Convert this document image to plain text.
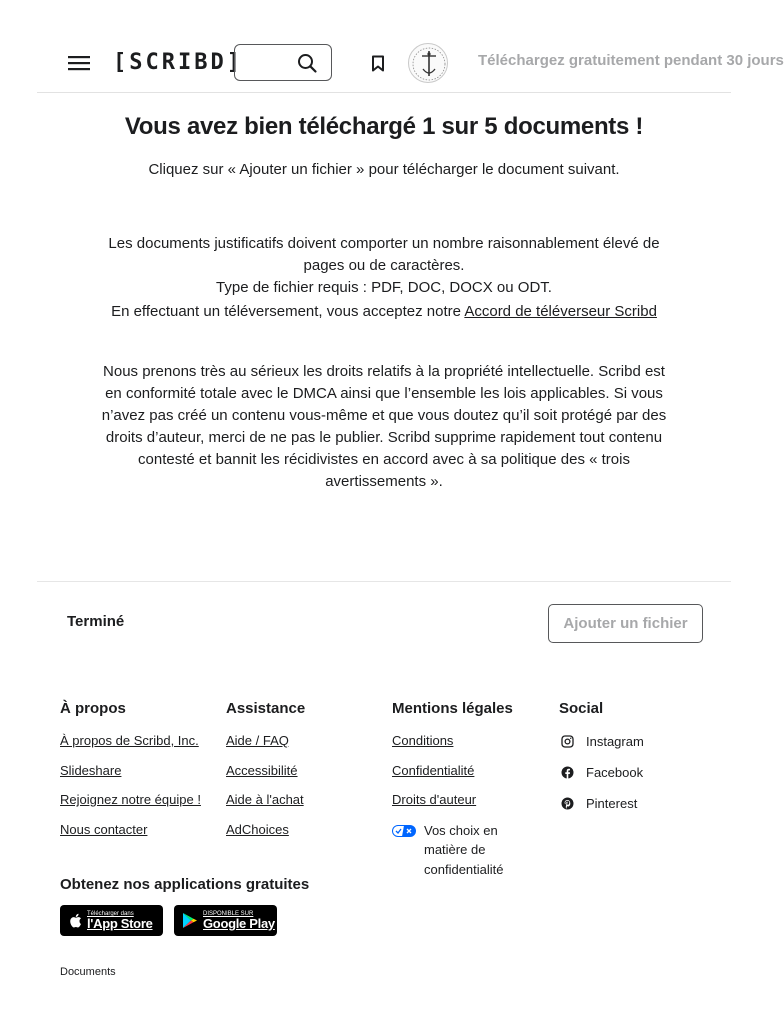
[SCRIBD]	Téléchargez gratuitement pendant 30 jours
Vous avez bien téléchargé 1 sur 5 documents !

Cliquez sur « Ajouter un fichier » pour télécharger le document suivant.

Les documents justificatifs doivent comporter un nombre raisonnablement élevé de pages ou de caractères.

Type de fichier requis : PDF, DOC, DOCX ou ODT.

En effectuant un téléversement, vous acceptez notre Accord de téléverseur Scribd

Nous prenons très au sérieux les droits relatifs à la propriété intellectuelle. Scribd est en conformité totale avec le DMCA ainsi que l’ensemble les lois applicables. Si vous n’avez pas créé un contenu vous-même et que vous doutez qu’il soit protégé par des droits d’auteur, merci de ne pas le publier. Scribd supprime rapidement tout contenu contesté et bannit les récidivistes en accord avec à sa politique des « trois avertissements ».

Terminé	Ajouter un fichier
À propos
À propos de Scribd, Inc.
Slideshare
Rejoignez notre équipe !
Nous contacter
Assistance
Aide / FAQ
Accessibilité
Aide à l'achat
AdChoices
Mentions légales
Conditions
Confidentialité
Droits d'auteur
Vos choix en matière de confidentialité
Social
Instagram
Facebook
Pinterest
Obtenez nos applications gratuites
Télécharger dans
l'App Store
DISPONIBLE SUR
Google Play
Documents
